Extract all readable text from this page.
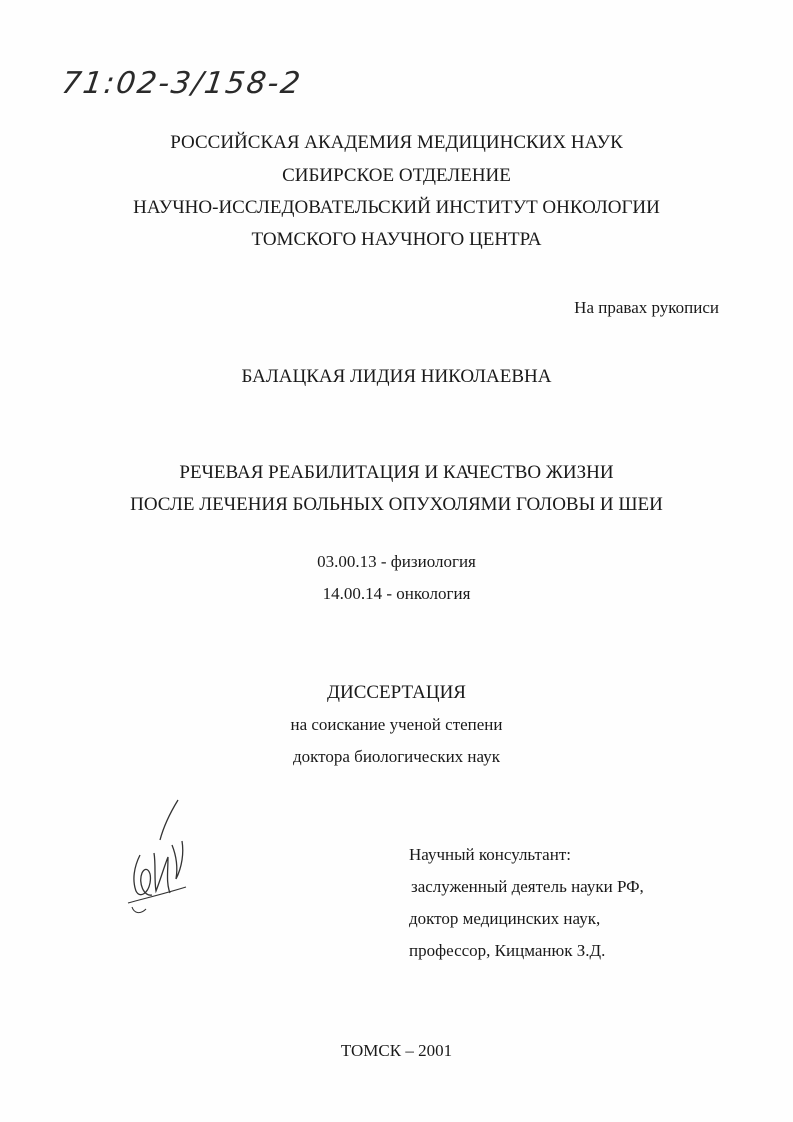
71:02-3/158-2
РОССИЙСКАЯ АКАДЕМИЯ МЕДИЦИНСКИХ НАУК
СИБИРСКОЕ ОТДЕЛЕНИЕ
НАУЧНО-ИССЛЕДОВАТЕЛЬСКИЙ ИНСТИТУТ ОНКОЛОГИИ
ТОМСКОГО НАУЧНОГО ЦЕНТРА
На правах рукописи
БАЛАЦКАЯ ЛИДИЯ НИКОЛАЕВНА
РЕЧЕВАЯ РЕАБИЛИТАЦИЯ И КАЧЕСТВО ЖИЗНИ
ПОСЛЕ ЛЕЧЕНИЯ БОЛЬНЫХ ОПУХОЛЯМИ ГОЛОВЫ И ШЕИ
03.00.13 - физиология
14.00.14 - онкология
ДИССЕРТАЦИЯ
на соискание ученой степени
доктора биологических наук
Научный консультант:
заслуженный деятель науки РФ,
доктор медицинских наук,
профессор, Кицманюк З.Д.
ТОМСК – 2001
